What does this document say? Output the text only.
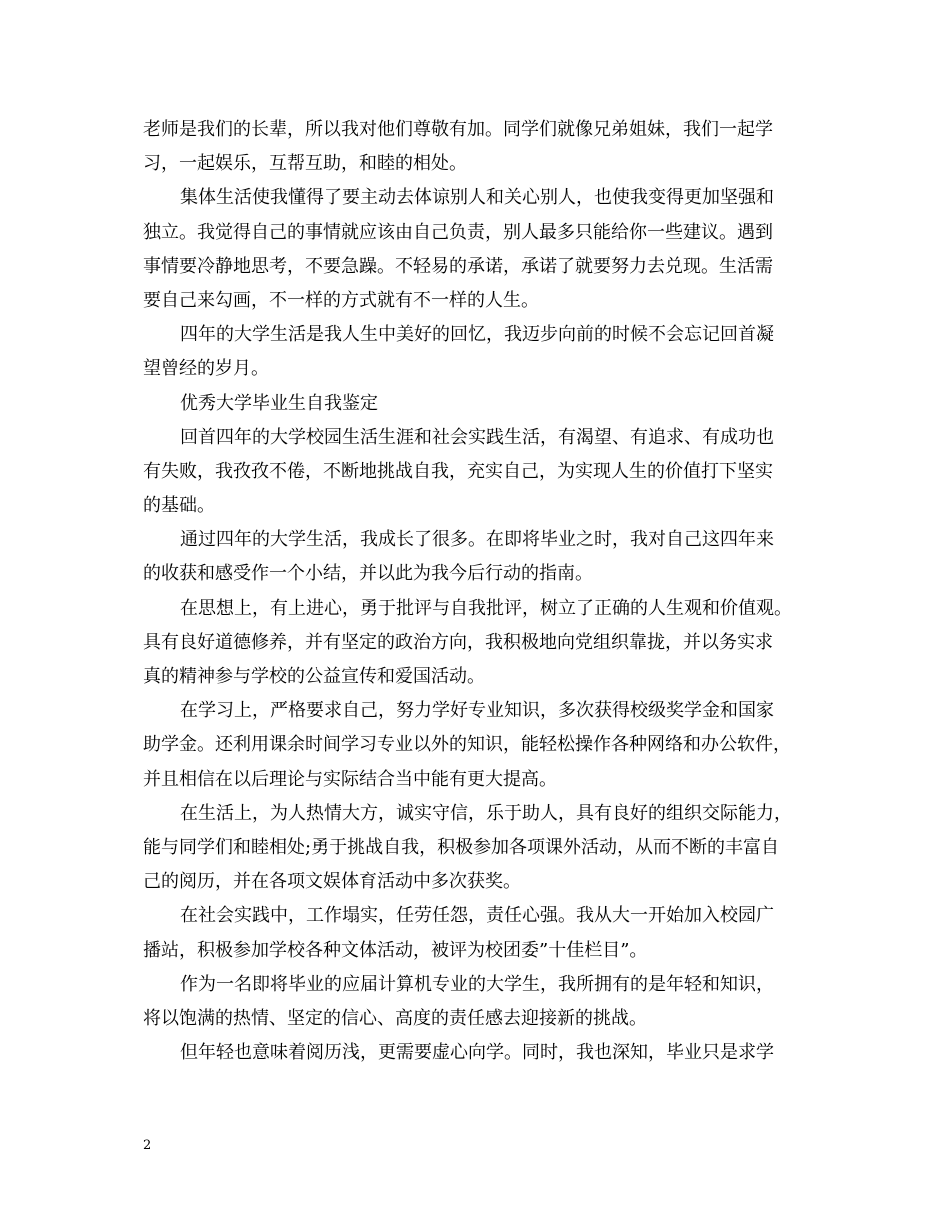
老师是我们的长辈，所以我对他们尊敬有加。同学们就像兄弟姐妹，我们一起学
习，一起娱乐，互帮互助，和睦的相处。
集体生活使我懂得了要主动去体谅别人和关心别人，也使我变得更加坚强和
独立。我觉得自己的事情就应该由自己负责，别人最多只能给你一些建议。遇到
事情要冷静地思考，不要急躁。不轻易的承诺，承诺了就要努力去兑现。生活需
要自己来勾画，不一样的方式就有不一样的人生。
四年的大学生活是我人生中美好的回忆，我迈步向前的时候不会忘记回首凝
望曾经的岁月。
优秀大学毕业生自我鉴定
回首四年的大学校园生活生涯和社会实践生活，有渴望、有追求、有成功也
有失败，我孜孜不倦，不断地挑战自我，充实自己，为实现人生的价值打下坚实
的基础。
通过四年的大学生活，我成长了很多。在即将毕业之时，我对自己这四年来
的收获和感受作一个小结，并以此为我今后行动的指南。
在思想上，有上进心，勇于批评与自我批评，树立了正确的人生观和价值观。
具有良好道德修养，并有坚定的政治方向，我积极地向党组织靠拢，并以务实求
真的精神参与学校的公益宣传和爱国活动。
在学习上，严格要求自己，努力学好专业知识，多次获得校级奖学金和国家
助学金。还利用课余时间学习专业以外的知识，能轻松操作各种网络和办公软件，
并且相信在以后理论与实际结合当中能有更大提高。
在生活上，为人热情大方，诚实守信，乐于助人，具有良好的组织交际能力，
能与同学们和睦相处;勇于挑战自我，积极参加各项课外活动，从而不断的丰富自
己的阅历，并在各项文娱体育活动中多次获奖。
在社会实践中，工作塌实，任劳任怨，责任心强。我从大一开始加入校园广
播站，积极参加学校各种文体活动，被评为校团委”十佳栏目”。
作为一名即将毕业的应届计算机专业的大学生，我所拥有的是年轻和知识，
将以饱满的热情、坚定的信心、高度的责任感去迎接新的挑战。
但年轻也意味着阅历浅，更需要虚心向学。同时，我也深知，毕业只是求学
2
